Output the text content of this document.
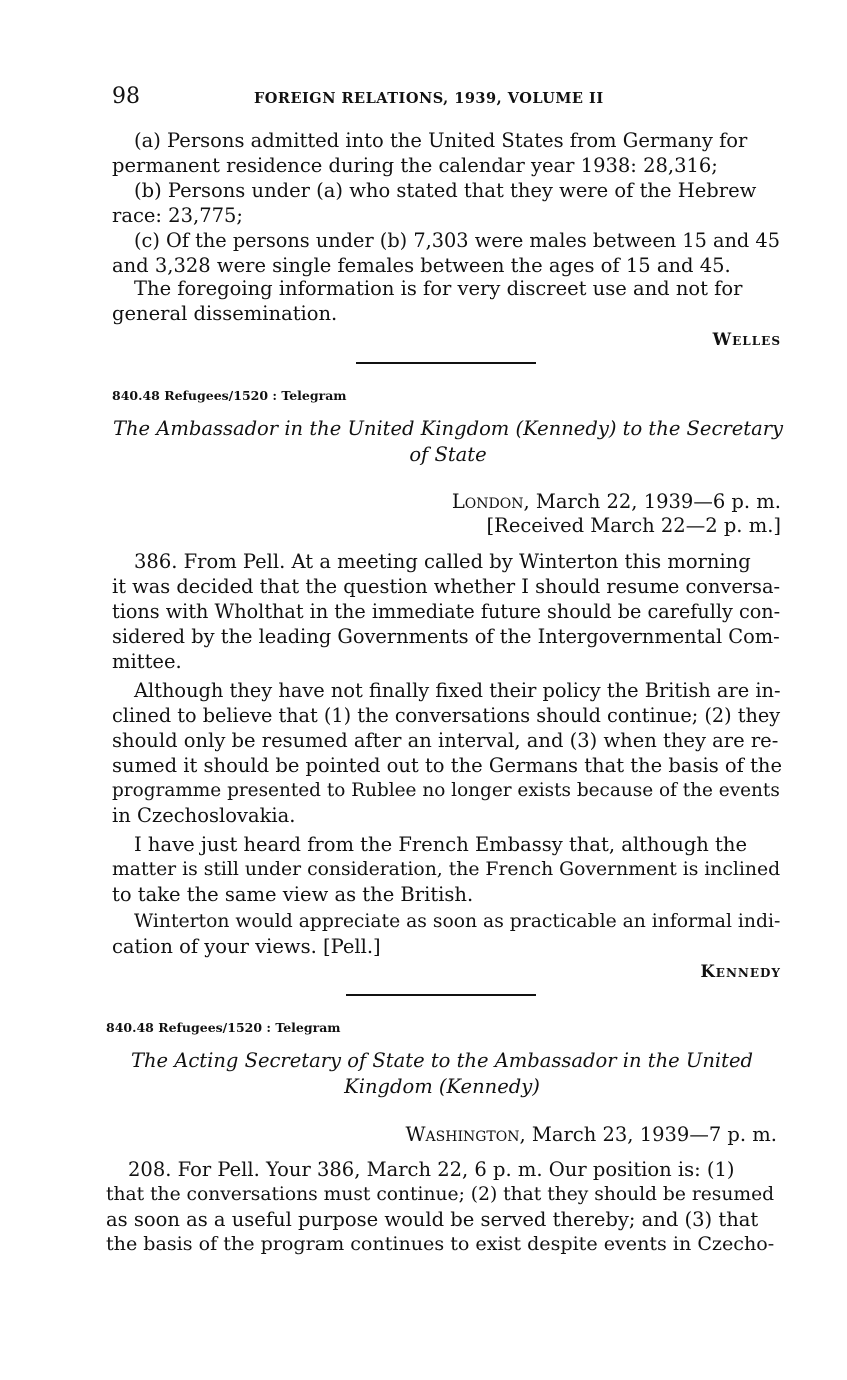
98	FOREIGN RELATIONS, 1939, VOLUME II
(a) Persons admitted into the United States from Germany for
permanent residence during the calendar year 1938: 28,316;
(b) Persons under (a) who stated that they were of the Hebrew
race: 23,775;
(c) Of the persons under (b) 7,303 were males between 15 and 45
and 3,328 were single females between the ages of 15 and 45.
The foregoing information is for very discreet use and not for
general dissemination.
Welles
840.48 Refugees/1520 : Telegram
The Ambassador in the United Kingdom (Kennedy) to the Secretary
of State
London, March 22, 1939—6 p. m.
[Received March 22—2 p. m.]
386. From Pell. At a meeting called by Winterton this morning
it was decided that the question whether I should resume conversa-
tions with Wholthat in the immediate future should be carefully con-
sidered by the leading Governments of the Intergovernmental Com-
mittee.
Although they have not finally fixed their policy the British are in-
clined to believe that (1) the conversations should continue; (2) they
should only be resumed after an interval, and (3) when they are re-
sumed it should be pointed out to the Germans that the basis of the
programme presented to Rublee no longer exists because of the events
in Czechoslovakia.
I have just heard from the French Embassy that, although the
matter is still under consideration, the French Government is inclined
to take the same view as the British.
Winterton would appreciate as soon as practicable an informal indi-
cation of your views. [Pell.]
Kennedy
840.48 Refugees/1520 : Telegram
The Acting Secretary of State to the Ambassador in the United
Kingdom (Kennedy)
Washington, March 23, 1939—7 p. m.
208. For Pell. Your 386, March 22, 6 p. m. Our position is: (1)
that the conversations must continue; (2) that they should be resumed
as soon as a useful purpose would be served thereby; and (3) that
the basis of the program continues to exist despite events in Czecho-
